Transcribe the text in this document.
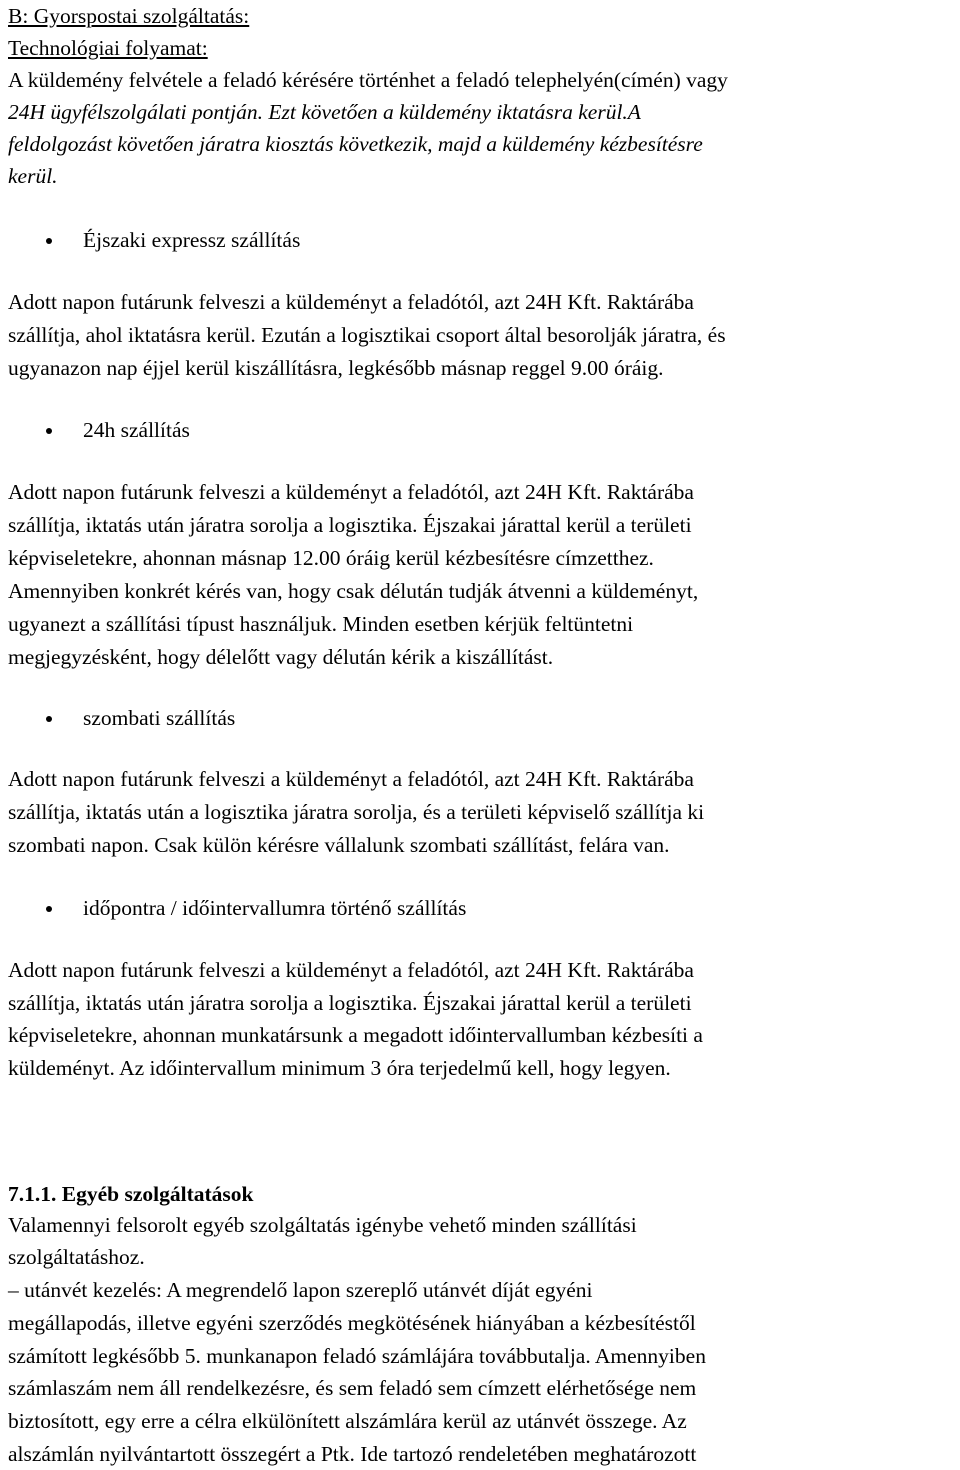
B: Gyorspostai szolgáltatás:
Technológiai folyamat:
A küldemény felvétele a feladó kérésére történhet a feladó telephelyén(címén) vagy
24H ügyfélszolgálati pontján. Ezt követően a küldemény iktatásra kerül.A
feldolgozást követően járatra kiosztás következik, majd a küldemény kézbesítésre
kerül.
Éjszaki expressz szállítás
Adott napon futárunk felveszi a küldeményt a feladótól, azt 24H Kft. Raktárába
szállítja, ahol iktatásra kerül. Ezután a logisztikai csoport által besorolják járatra, és
ugyanazon nap éjjel kerül kiszállításra, legkésőbb másnap reggel 9.00 óráig.
24h szállítás
Adott napon futárunk felveszi a küldeményt a feladótól, azt 24H Kft. Raktárába
szállítja, iktatás után járatra sorolja a logisztika. Éjszakai járattal kerül a területi
képviseletekre, ahonnan másnap 12.00 óráig kerül kézbesítésre címzetthez.
Amennyiben konkrét kérés van, hogy csak délután tudják átvenni a küldeményt,
ugyanezt a szállítási típust használjuk. Minden esetben kérjük feltüntetni
megjegyzésként, hogy délelőtt vagy délután kérik a kiszállítást.
szombati szállítás
Adott napon futárunk felveszi a küldeményt a feladótól, azt 24H Kft. Raktárába
szállítja, iktatás után a logisztika járatra sorolja, és a területi képviselő szállítja ki
szombati napon. Csak külön kérésre vállalunk szombati szállítást, felára van.
időpontra / időintervallumra történő szállítás
Adott napon futárunk felveszi a küldeményt a feladótól, azt 24H Kft. Raktárába
szállítja, iktatás után járatra sorolja a logisztika. Éjszakai járattal kerül a területi
képviseletekre, ahonnan munkatársunk a megadott időintervallumban kézbesíti a
küldeményt. Az időintervallum minimum 3 óra terjedelmű kell, hogy legyen.
7.1.1. Egyéb szolgáltatások
Valamennyi felsorolt egyéb szolgáltatás igénybe vehető minden szállítási
szolgáltatáshoz.
– utánvét kezelés: A megrendelő lapon szereplő utánvét díját egyéni
megállapodás, illetve egyéni szerződés megkötésének hiányában a kézbesítéstől
számított legkésőbb 5. munkanapon feladó számlájára továbbutalja. Amennyiben
számlaszám nem áll rendelkezésre, és sem feladó sem címzett elérhetősége nem
biztosított, egy erre a célra elkülönített alszámlára kerül az utánvét összege. Az
alszámlán nyilvántartott összegért a Ptk. Ide tartozó rendeletében meghatározott
